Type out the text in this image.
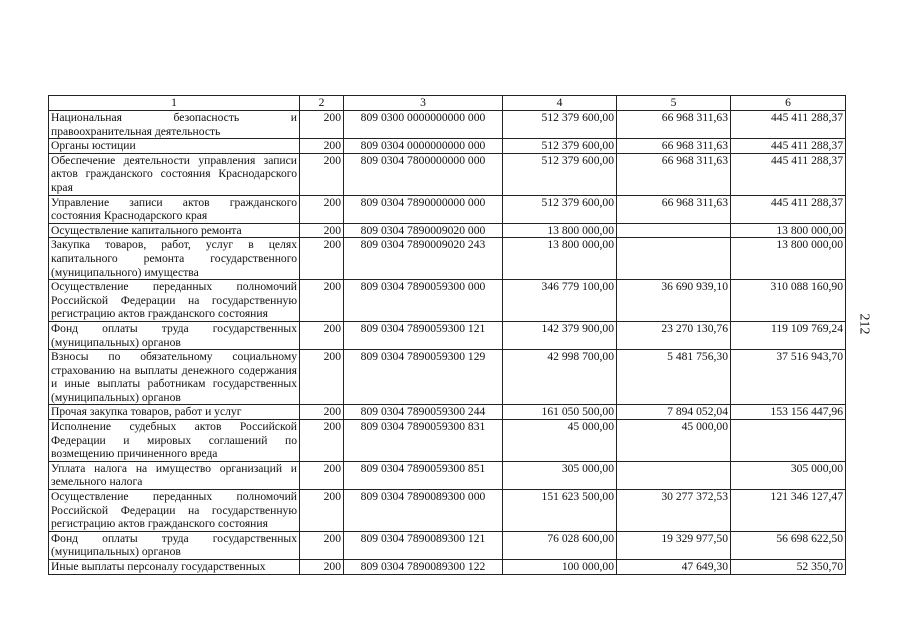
1	2	3	4	5	6
Национальная безопасность и правоохранительная деятельность	200	809 0300 0000000000 000	512 379 600,00	66 968 311,63	445 411 288,37
Органы юстиции	200	809 0304 0000000000 000	512 379 600,00	66 968 311,63	445 411 288,37
Обеспечение деятельности управления записи актов гражданского состояния Краснодарского края	200	809 0304 7800000000 000	512 379 600,00	66 968 311,63	445 411 288,37
Управление записи актов гражданского состояния Краснодарского края	200	809 0304 7890000000 000	512 379 600,00	66 968 311,63	445 411 288,37
Осуществление капитального ремонта	200	809 0304 7890009020 000	13 800 000,00		13 800 000,00
Закупка товаров, работ, услуг в целях капитального ремонта государственного (муниципального) имущества	200	809 0304 7890009020 243	13 800 000,00		13 800 000,00
Осуществление переданных полномочий Российской Федерации на государственную регистрацию актов гражданского состояния	200	809 0304 7890059300 000	346 779 100,00	36 690 939,10	310 088 160,90
Фонд оплаты труда государственных (муниципальных) органов	200	809 0304 7890059300 121	142 379 900,00	23 270 130,76	119 109 769,24
Взносы по обязательному социальному страхованию на выплаты денежного содержания и иные выплаты работникам государственных (муниципальных) органов	200	809 0304 7890059300 129	42 998 700,00	5 481 756,30	37 516 943,70
Прочая закупка товаров, работ и услуг	200	809 0304 7890059300 244	161 050 500,00	7 894 052,04	153 156 447,96
Исполнение судебных актов Российской Федерации и мировых соглашений по возмещению причиненного вреда	200	809 0304 7890059300 831	45 000,00	45 000,00	
Уплата налога на имущество организаций и земельного налога	200	809 0304 7890059300 851	305 000,00		305 000,00
Осуществление переданных полномочий Российской Федерации на государственную регистрацию актов гражданского состояния	200	809 0304 7890089300 000	151 623 500,00	30 277 372,53	121 346 127,47
Фонд оплаты труда государственных (муниципальных) органов	200	809 0304 7890089300 121	76 028 600,00	19 329 977,50	56 698 622,50
Иные выплаты персоналу государственных	200	809 0304 7890089300 122	100 000,00	47 649,30	52 350,70
212
